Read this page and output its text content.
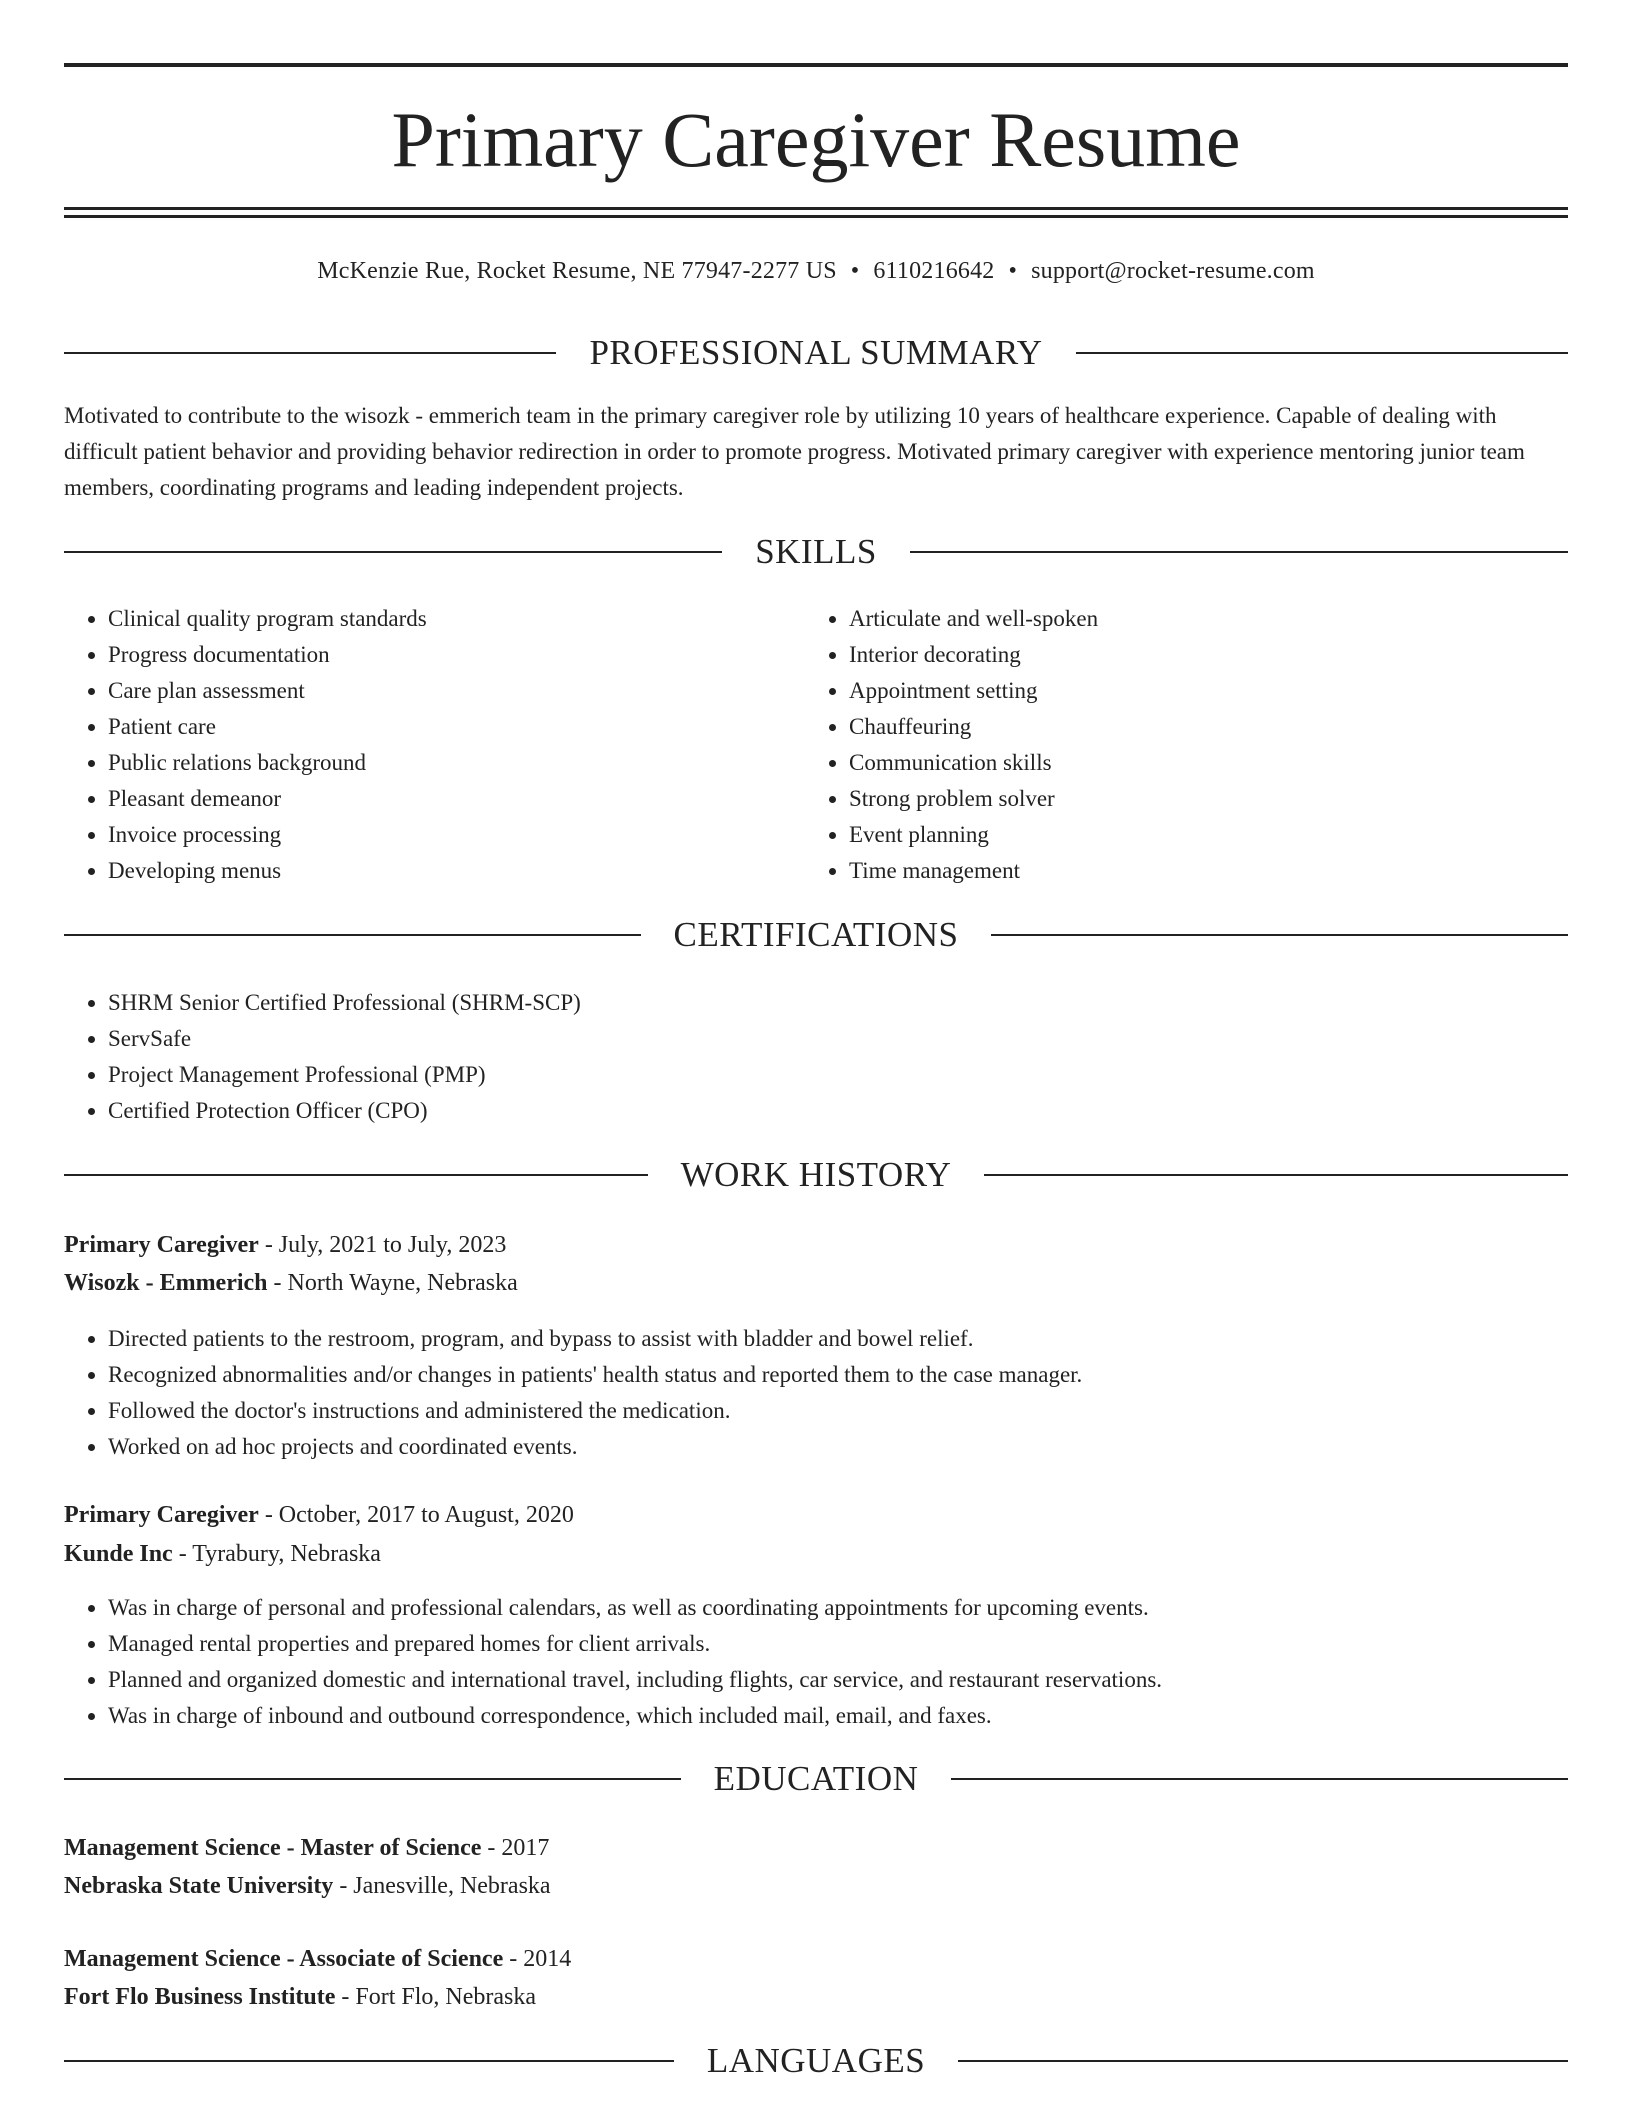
Primary Caregiver Resume
McKenzie Rue, Rocket Resume, NE 77947-2277 US • 6110216642 • support@rocket-resume.com
PROFESSIONAL SUMMARY

Motivated to contribute to the wisozk - emmerich team in the primary caregiver role by utilizing 10 years of healthcare experience. Capable of dealing with difficult patient behavior and providing behavior redirection in order to promote progress. Motivated primary caregiver with experience mentoring junior team members, coordinating programs and leading independent projects.

SKILLS
• Clinical quality program standards
• Progress documentation
• Care plan assessment
• Patient care
• Public relations background
• Pleasant demeanor
• Invoice processing
• Developing menus
• Articulate and well-spoken
• Interior decorating
• Appointment setting
• Chauffeuring
• Communication skills
• Strong problem solver
• Event planning
• Time management
CERTIFICATIONS
• SHRM Senior Certified Professional (SHRM-SCP)
• ServSafe
• Project Management Professional (PMP)
• Certified Protection Officer (CPO)
WORK HISTORY
Primary Caregiver - July, 2021 to July, 2023
Wisozk - Emmerich - North Wayne, Nebraska
• Directed patients to the restroom, program, and bypass to assist with bladder and bowel relief.
• Recognized abnormalities and/or changes in patients' health status and reported them to the case manager.
• Followed the doctor's instructions and administered the medication.
• Worked on ad hoc projects and coordinated events.
Primary Caregiver - October, 2017 to August, 2020
Kunde Inc - Tyrabury, Nebraska
• Was in charge of personal and professional calendars, as well as coordinating appointments for upcoming events.
• Managed rental properties and prepared homes for client arrivals.
• Planned and organized domestic and international travel, including flights, car service, and restaurant reservations.
• Was in charge of inbound and outbound correspondence, which included mail, email, and faxes.
EDUCATION
Management Science - Master of Science - 2017
Nebraska State University - Janesville, Nebraska
Management Science - Associate of Science - 2014
Fort Flo Business Institute - Fort Flo, Nebraska
LANGUAGES
